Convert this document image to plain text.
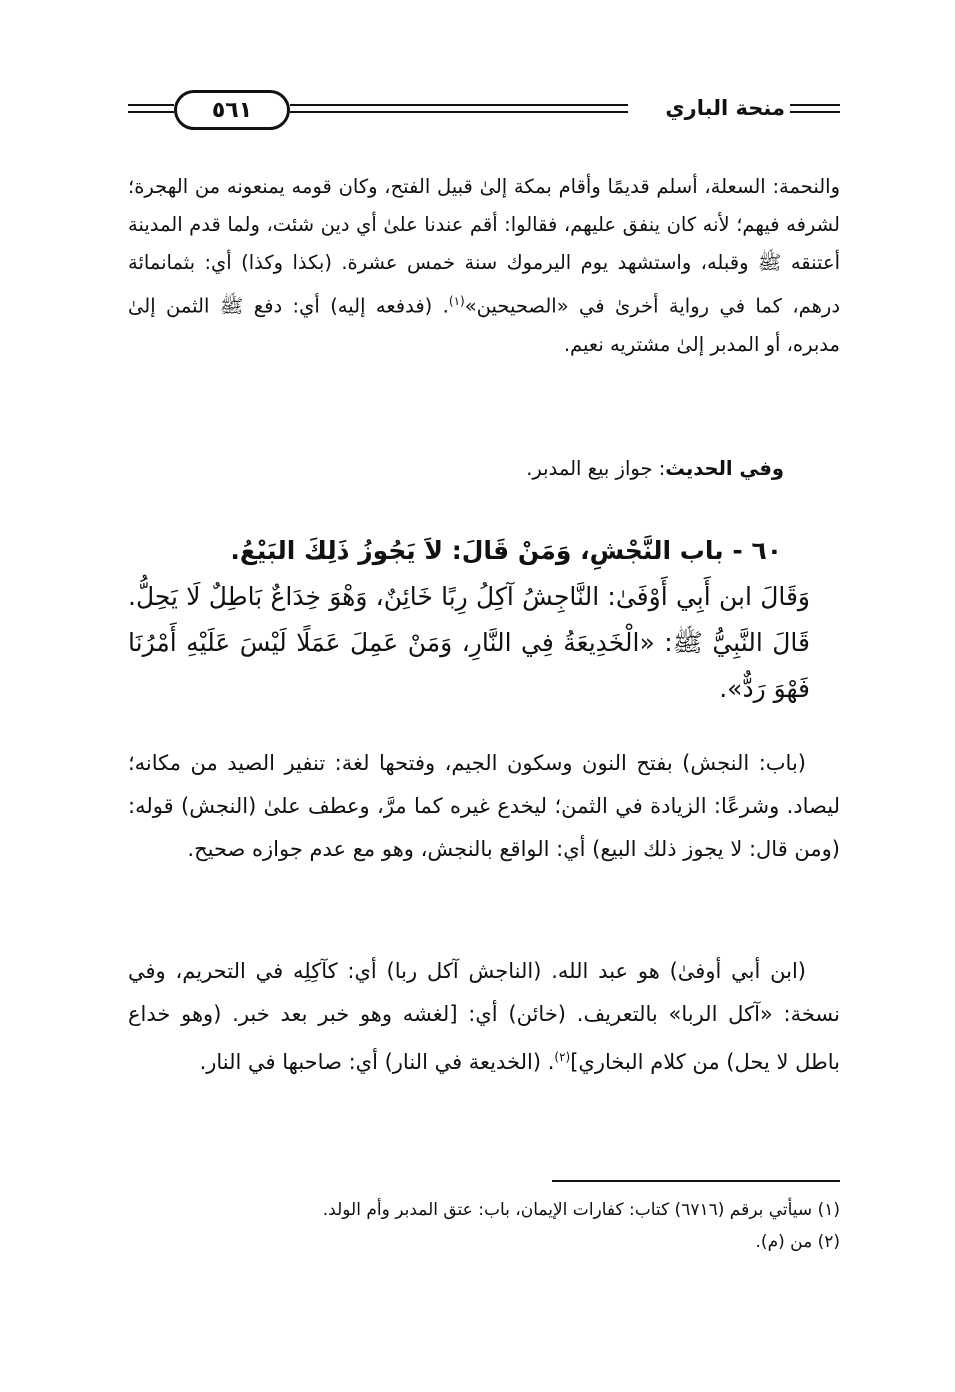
منحة الباري
٥٦١
والنحمة: السعلة، أسلم قديمًا وأقام بمكة إلىٰ قبيل الفتح، وكان قومه يمنعونه من الهجرة؛ لشرفه فيهم؛ لأنه كان ينفق عليهم، فقالوا: أقم عندنا علىٰ أي دين شئت، ولما قدم المدينة أعتنقه ﷺ وقبله، واستشهد يوم اليرموك سنة خمس عشرة. (بكذا وكذا) أي: بثمانمائة درهم، كما في رواية أخرىٰ في «الصحيحين»$^{(١)}$. (فدفعه إليه) أي: دفع ﷺ الثمن إلىٰ مدبره، أو المدبر إلىٰ مشتريه نعيم.
وفي الحديث: جواز بيع المدبر.
٦٠ - باب النَّجْشِ، وَمَنْ قَالَ: لاَ يَجُوزُ ذَلِكَ البَيْعُ.
وَقَالَ ابن أَبِي أَوْفَىٰ: النَّاجِشُ آكِلُ رِبًا خَائِنٌ، وَهْوَ خِدَاعٌ بَاطِلٌ لَا يَحِلُّ. قَالَ النَّبِيُّ ﷺ: «الْخَدِيعَةُ فِي النَّارِ، وَمَنْ عَمِلَ عَمَلًا لَيْسَ عَلَيْهِ أَمْرُنَا فَهْوَ رَدٌّ».
(باب: النجش) بفتح النون وسكون الجيم، وفتحها لغة: تنفير الصيد من مكانه؛ ليصاد. وشرعًا: الزيادة في الثمن؛ ليخدع غيره كما مرَّ، وعطف علىٰ (النجش) قوله: (ومن قال: لا يجوز ذلك البيع) أي: الواقع بالنجش، وهو مع عدم جوازه صحيح.
(ابن أبي أوفىٰ) هو عبد الله. (الناجش آكل ربا) أي: كآكِلِه في التحريم، وفي نسخة: «آكل الربا» بالتعريف. (خائن) أي: [لغشه وهو خبر بعد خبر. (وهو خداع باطل لا يحل) من كلام البخاري]$^{(٢)}$. (الخديعة في النار) أي: صاحبها في النار.
(١) سيأتي برقم (٦٧١٦) كتاب: كفارات الإيمان، باب: عتق المدبر وأم الولد.
(٢) من (م).
